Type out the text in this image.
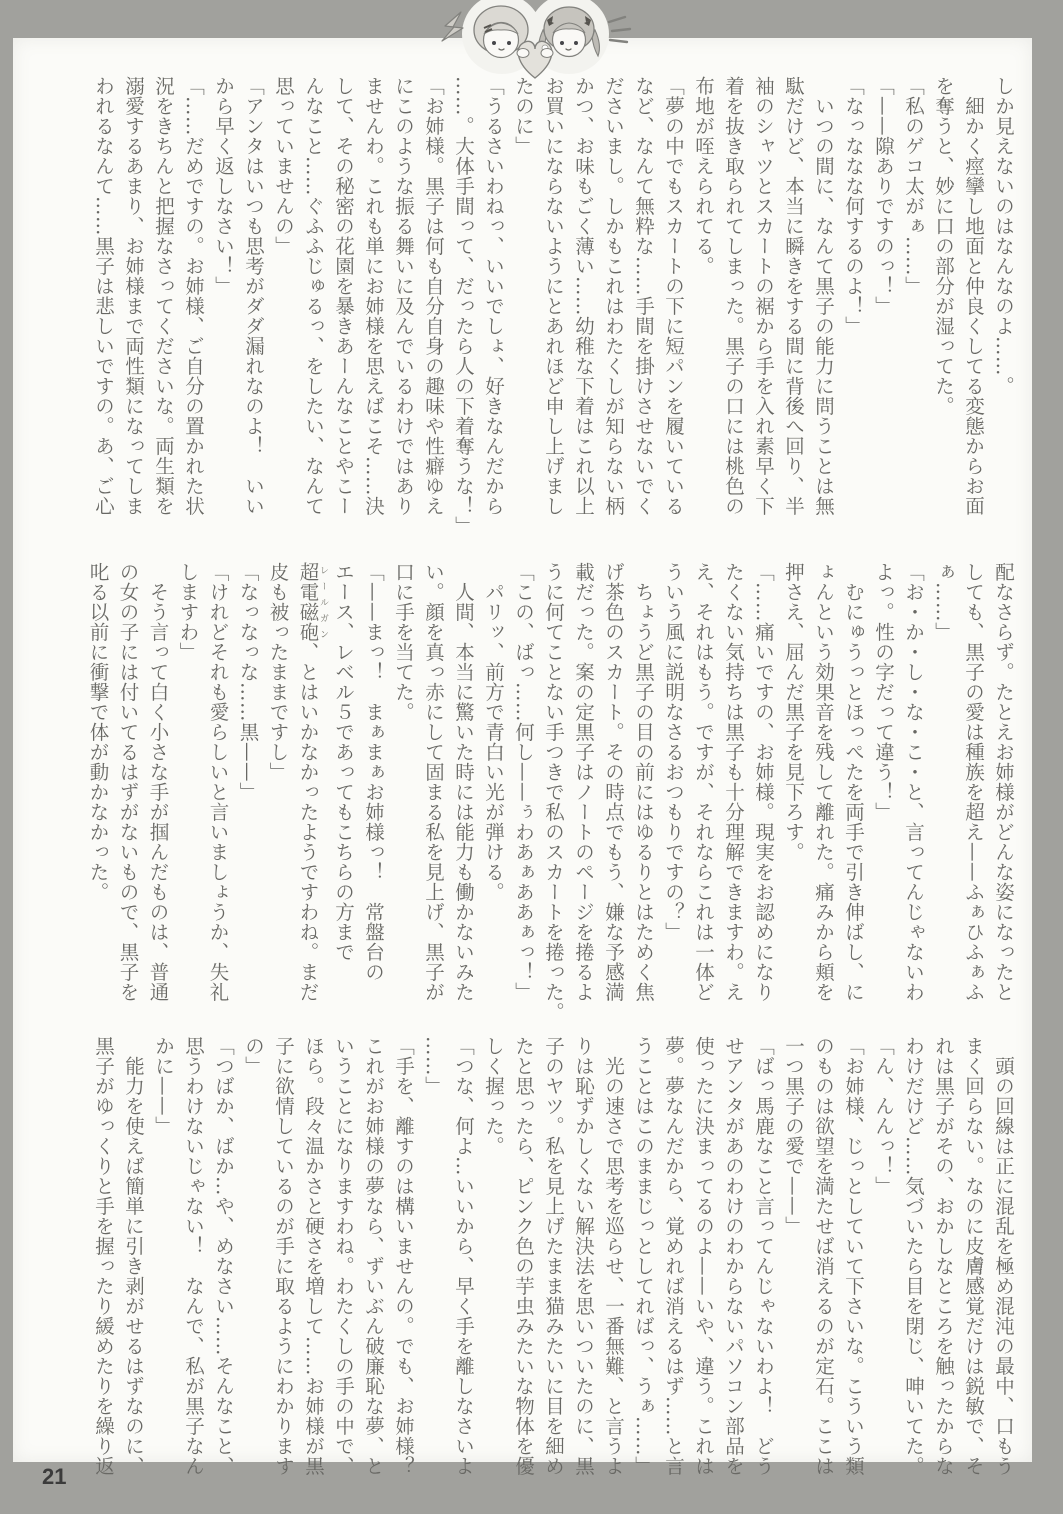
しか見えないのはなんなのよ……。
　細かく痙攣し地面と仲良くしてる変態からお面
を奪うと、妙に口の部分が湿ってた。
「私のゲコ太がぁ……」
「——隙ありですのっ！」
「なっななな何するのよ！」
　いつの間に、なんて黒子の能力に問うことは無
駄だけど、本当に瞬きをする間に背後へ回り、半
袖のシャツとスカートの裾から手を入れ素早く下
着を抜き取られてしまった。黒子の口には桃色の
布地が咥えられてる。
「夢の中でもスカートの下に短パンを履いている
など、なんて無粋な……手間を掛けさせないでく
ださいまし。しかもこれはわたくしが知らない柄
かつ、お味もごく薄い……幼稚な下着はこれ以上
お買いにならないようにとあれほど申し上げまし
たのに」
「うるさいわねっ、いいでしょ、好きなんだから
……。大体手間って、だったら人の下着奪うな！」
「お姉様。黒子は何も自分自身の趣味や性癖ゆえ
にこのような振る舞いに及んでいるわけではあり
ませんわ。これも単にお姉様を思えばこそ……決
して、その秘密の花園を暴きあーんなことやこー
んなこと……ぐふふじゅるっ、をしたい、なんて
思っていませんの」
「アンタはいつも思考がダダ漏れなのよ！　いい
から早く返しなさい！」
「……だめですの。お姉様、ご自分の置かれた状
況をきちんと把握なさってくださいな。両生類を
溺愛するあまり、お姉様まで両性類になってしま
われるなんて……黒子は悲しいですの。あ、ご心
配なさらず。たとえお姉様がどんな姿になったと
しても、黒子の愛は種族を超え——ふぁひふぁふ
ぁ……」
「お・か・し・な・こ・と、言ってんじゃないわ
よっ。性の字だって違う！」
　むにゅうっとほっぺたを両手で引き伸ばし、に
ょんという効果音を残して離れた。痛みから頬を
押さえ、屈んだ黒子を見下ろす。
「……痛いですの、お姉様。現実をお認めになり
たくない気持ちは黒子も十分理解できますわ。え
え、それはもう。ですが、それならこれは一体ど
ういう風に説明なさるおつもりですの？」
　ちょうど黒子の目の前にはゆるりとはためく焦
げ茶色のスカート。その時点でもう、嫌な予感満
載だった。案の定黒子はノートのページを捲るよ
うに何てことない手つきで私のスカートを捲った。
「この、ばっ……何し——ぅわあぁああぁっ！」
　パリッ、前方で青白い光が弾ける。
　人間、本当に驚いた時には能力も働かないみた
い。顔を真っ赤にして固まる私を見上げ、黒子が
口に手を当てた。
「——まっ！　まぁまぁお姉様っ！　常盤台の
エース、レベル５であってもこちらの方まで
超電磁砲レールガン、とはいかなかったようですわね。まだ
皮も被ったままですし」
「なっなっな……黒——」
「けれどそれも愛らしいと言いましょうか、失礼
しますわ」
　そう言って白く小さな手が掴んだものは、普通
の女の子には付いてるはずがないもので、黒子を
叱る以前に衝撃で体が動かなかった。
　頭の回線は正に混乱を極め混沌の最中、口もう
まく回らない。なのに皮膚感覚だけは鋭敏で、そ
れは黒子がその、おかしなところを触ったからな
わけだけど……気づいたら目を閉じ、呻いてた。
「ん、んんっ！」
「お姉様、じっとしていて下さいな。こういう類
のものは欲望を満たせば消えるのが定石。ここは
一つ黒子の愛で——」
「ばっ馬鹿なこと言ってんじゃないわよ！　どう
せアンタがあのわけのわからないパソコン部品を
使ったに決まってるのよ——いや、違う。これは
夢。夢なんだから、覚めれば消えるはず……と言
うことはこのままじっとしてればっ、うぁ……」
　光の速さで思考を巡らせ、一番無難、と言うよ
りは恥ずかしくない解決法を思いついたのに、黒
子のヤツ。私を見上げたまま猫みたいに目を細め
たと思ったら、ピンク色の芋虫みたいな物体を優
しく握った。
「つな、何よ…いいから、早く手を離しなさいよ
……」
「手を、離すのは構いませんの。でも、お姉様？
これがお姉様の夢なら、ずいぶん破廉恥な夢、と
いうことになりますわね。わたくしの手の中で、
ほら。段々温かさと硬さを増して……お姉様が黒
子に欲情しているのが手に取るようにわかります
の」
「つばか、ばか…や、めなさい……そんなこと、
思うわけないじゃない！　なんで、私が黒子なん
かに——」
　能力を使えば簡単に引き剥がせるはずなのに、
黒子がゆっくりと手を握ったり緩めたりを繰り返
21
